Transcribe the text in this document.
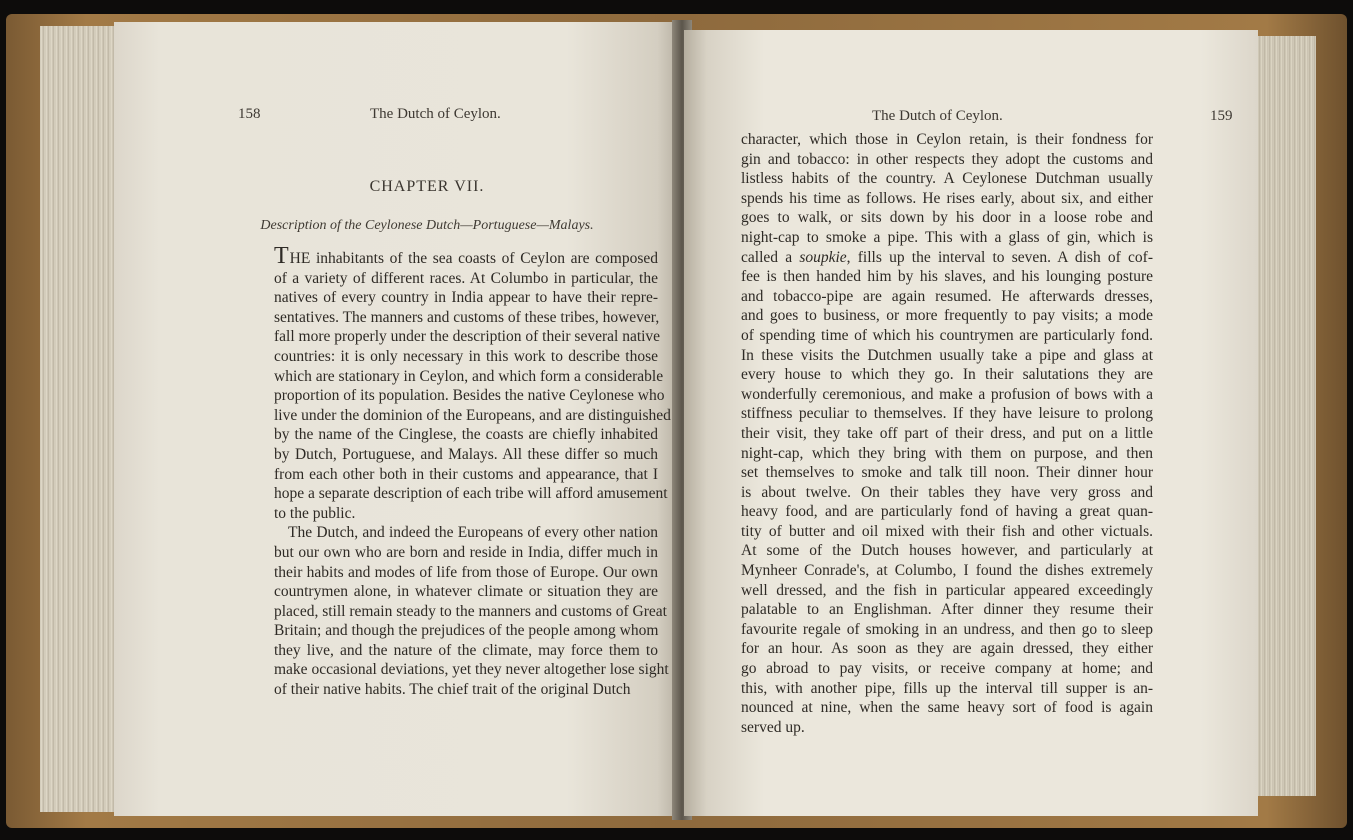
158	The Dutch of Ceylon.
CHAPTER VII.
Description of the Ceylonese Dutch—Portuguese—Malays.
THE inhabitants of the sea coasts of Ceylon are composed
of a variety of different races. At Columbo in particular, the
natives of every country in India appear to have their repre-
sentatives. The manners and customs of these tribes, however,
fall more properly under the description of their several native
countries: it is only necessary in this work to describe those
which are stationary in Ceylon, and which form a considerable
proportion of its population. Besides the native Ceylonese who
live under the dominion of the Europeans, and are distinguished
by the name of the Cinglese, the coasts are chiefly inhabited
by Dutch, Portuguese, and Malays. All these differ so much
from each other both in their customs and appearance, that I
hope a separate description of each tribe will afford amusement
to the public.
The Dutch, and indeed the Europeans of every other nation
but our own who are born and reside in India, differ much in
their habits and modes of life from those of Europe. Our own
countrymen alone, in whatever climate or situation they are
placed, still remain steady to the manners and customs of Great
Britain; and though the prejudices of the people among whom
they live, and the nature of the climate, may force them to
make occasional deviations, yet they never altogether lose sight
of their native habits. The chief trait of the original Dutch
The Dutch of Ceylon.	159
character, which those in Ceylon retain, is their fondness for
gin and tobacco: in other respects they adopt the customs and
listless habits of the country. A Ceylonese Dutchman usually
spends his time as follows. He rises early, about six, and either
goes to walk, or sits down by his door in a loose robe and
night-cap to smoke a pipe. This with a glass of gin, which is
called a soupkie, fills up the interval to seven. A dish of cof-
fee is then handed him by his slaves, and his lounging posture
and tobacco-pipe are again resumed. He afterwards dresses,
and goes to business, or more frequently to pay visits; a mode
of spending time of which his countrymen are particularly fond.
In these visits the Dutchmen usually take a pipe and glass at
every house to which they go. In their salutations they are
wonderfully ceremonious, and make a profusion of bows with a
stiffness peculiar to themselves. If they have leisure to prolong
their visit, they take off part of their dress, and put on a little
night-cap, which they bring with them on purpose, and then
set themselves to smoke and talk till noon. Their dinner hour
is about twelve. On their tables they have very gross and
heavy food, and are particularly fond of having a great quan-
tity of butter and oil mixed with their fish and other victuals.
At some of the Dutch houses however, and particularly at
Mynheer Conrade's, at Columbo, I found the dishes extremely
well dressed, and the fish in particular appeared exceedingly
palatable to an Englishman. After dinner they resume their
favourite regale of smoking in an undress, and then go to sleep
for an hour. As soon as they are again dressed, they either
go abroad to pay visits, or receive company at home; and
this, with another pipe, fills up the interval till supper is an-
nounced at nine, when the same heavy sort of food is again
served up.
